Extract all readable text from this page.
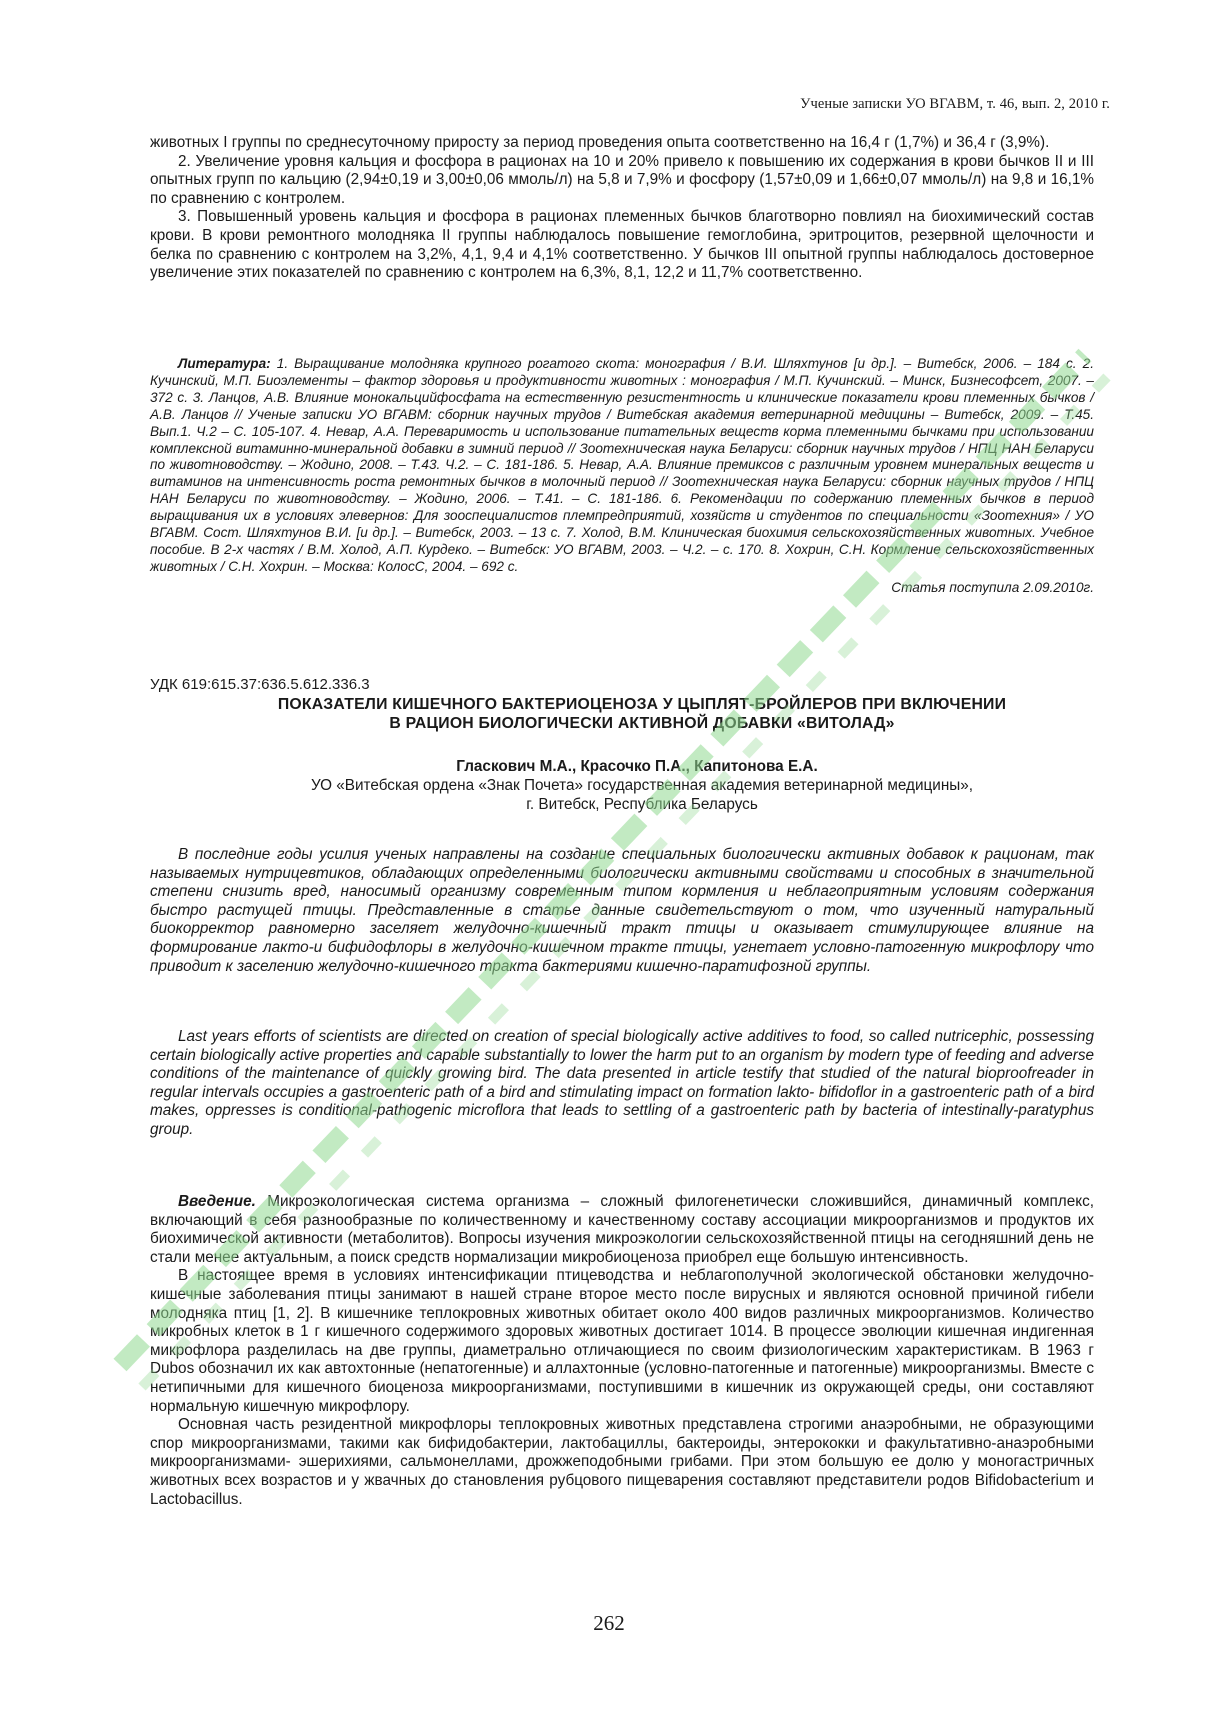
Ученые записки УО ВГАВМ, т. 46, вып. 2, 2010 г.

животных I группы по среднесуточному приросту за период проведения опыта соответственно на 16,4 г (1,7%) и 36,4 г (3,9%).

2. Увеличение уровня кальция и фосфора в рационах на 10 и 20% привело к повышению их содержания в крови бычков II и III опытных групп по кальцию (2,94±0,19 и 3,00±0,06 ммоль/л) на 5,8 и 7,9% и фосфору (1,57±0,09 и 1,66±0,07 ммоль/л) на 9,8 и 16,1% по сравнению с контролем.

3. Повышенный уровень кальция и фосфора в рационах племенных бычков благотворно повлиял на биохимический состав крови. В крови ремонтного молодняка II группы наблюдалось повышение гемоглобина, эритроцитов, резервной щелочности и белка по сравнению с контролем на 3,2%, 4,1, 9,4 и 4,1% соответственно. У бычков III опытной группы наблюдалось достоверное увеличение этих показателей по сравнению с контролем на 6,3%, 8,1, 12,2 и 11,7% соответственно.

Литература: 1. Выращивание молодняка крупного рогатого скота: монография / В.И. Шляхтунов [и др.]. – Витебск, 2006. – 184 с. 2. Кучинский, М.П. Биоэлементы – фактор здоровья и продуктивности животных : монография / М.П. Кучинский. – Минск, Бизнесофсет, 2007. – 372 с. 3. Ланцов, А.В. Влияние монокальцийфосфата на естественную резистентность и клинические показатели крови племенных бычков / А.В. Ланцов // Ученые записки УО ВГАВМ: сборник научных трудов / Витебская академия ветеринарной медицины – Витебск, 2009. – Т.45. Вып.1. Ч.2 – С. 105-107. 4. Невар, А.А. Переваримость и использование питательных веществ корма племенными бычками при использовании комплексной витаминно-минеральной добавки в зимний период // Зоотехническая наука Беларуси: сборник научных трудов / НПЦ НАН Беларуси по животноводству. – Жодино, 2008. – Т.43. Ч.2. – С. 181-186. 5. Невар, А.А. Влияние премиксов с различным уровнем минеральных веществ и витаминов на интенсивность роста ремонтных бычков в молочный период // Зоотехническая наука Беларуси: сборник научных трудов / НПЦ НАН Беларуси по животноводству. – Жодино, 2006. – Т.41. – С. 181-186. 6. Рекомендации по содержанию племенных бычков в период выращивания их в условиях элевернов: Для зооспециалистов племпредприятий, хозяйств и студентов по специальности «Зоотехния» / УО ВГАВМ. Сост. Шляхтунов В.И. [и др.]. – Витебск, 2003. – 13 с. 7. Холод, В.М. Клиническая биохимия сельскохозяйственных животных. Учебное пособие. В 2-х частях / В.М. Холод, А.П. Курдеко. – Витебск: УО ВГАВМ, 2003. – Ч.2. – с. 170. 8. Хохрин, С.Н. Кормление сельскохозяйственных животных / С.Н. Хохрин. – Москва: КолосС, 2004. – 692 с.

Статья поступила 2.09.2010г.

УДК 619:615.37:636.5.612.336.3

ПОКАЗАТЕЛИ КИШЕЧНОГО БАКТЕРИОЦЕНОЗА У ЦЫПЛЯТ-БРОЙЛЕРОВ ПРИ ВКЛЮЧЕНИИ

В РАЦИОН БИОЛОГИЧЕСКИ АКТИВНОЙ ДОБАВКИ «ВИТОЛАД»

Гласкович М.А., Красочко П.А., Капитонова Е.А.

УО «Витебская ордена «Знак Почета» государственная академия ветеринарной медицины»,

г. Витебск, Республика Беларусь

В последние годы усилия ученых направлены на создание специальных биологически активных добавок к рационам, так называемых нутрицевтиков, обладающих определенными биологически активными свойствами и способных в значительной степени снизить вред, наносимый организму современным типом кормления и неблагоприятным условиям содержания быстро растущей птицы. Представленные в статье данные свидетельствуют о том, что изученный натуральный биокорректор равномерно заселяет желудочно-кишечный тракт птицы и оказывает стимулирующее влияние на формирование лакто-и бифидофлоры в желудочно-кишечном тракте птицы, угнетает условно-патогенную микрофлору что приводит к заселению желудочно-кишечного тракта бактериями кишечно-паратифозной группы.

Last years efforts of scientists are directed on creation of special biologically active additives to food, so called nutricephic, possessing certain biologically active properties and capable substantially to lower the harm put to an organism by modern type of feeding and adverse conditions of the maintenance of quickly growing bird. The data presented in article testify that studied of the natural bioproofreader in regular intervals occupies a gastroenteric path of a bird and stimulating impact on formation lakto- bifidoflor in a gastroenteric path of a bird makes, oppresses is conditional-pathogenic microflora that leads to settling of a gastroenteric path by bacteria of intestinally-paratyphus group.

Введение. Микроэкологическая система организма – сложный филогенетически сложившийся, динамичный комплекс, включающий в себя разнообразные по количественному и качественному составу ассоциации микроорганизмов и продуктов их биохимической активности (метаболитов). Вопросы изучения микроэкологии сельскохозяйственной птицы на сегодняшний день не стали менее актуальным, а поиск средств нормализации микробиоценоза приобрел еще большую интенсивность.

В настоящее время в условиях интенсификации птицеводства и неблагополучной экологической обстановки желудочно-кишечные заболевания птицы занимают в нашей стране второе место после вирусных и являются основной причиной гибели молодняка птиц [1, 2]. В кишечнике теплокровных животных обитает около 400 видов различных микроорганизмов. Количество микробных клеток в 1 г кишечного содержимого здоровых животных достигает 1014. В процессе эволюции кишечная индигенная микрофлора разделилась на две группы, диаметрально отличающиеся по своим физиологическим характеристикам. В 1963 г Dubos обозначил их как автохтонные (непатогенные) и аллахтонные (условно-патогенные и патогенные) микроорганизмы. Вместе с нетипичными для кишечного биоценоза микроорганизмами, поступившими в кишечник из окружающей среды, они составляют нормальную кишечную микрофлору.

Основная часть резидентной микрофлоры теплокровных животных представлена строгими анаэробными, не образующими спор микроорганизмами, такими как бифидобактерии, лактобациллы, бактероиды, энтерококки и факультативно-анаэробными микроорганизмами- эшерихиями, сальмонеллами, дрожжеподобными грибами. При этом большую ее долю у моногастричных животных всех возрастов и у жвачных до становления рубцового пищеварения составляют представители родов Bifidobacterium и Lactobacillus.

262
